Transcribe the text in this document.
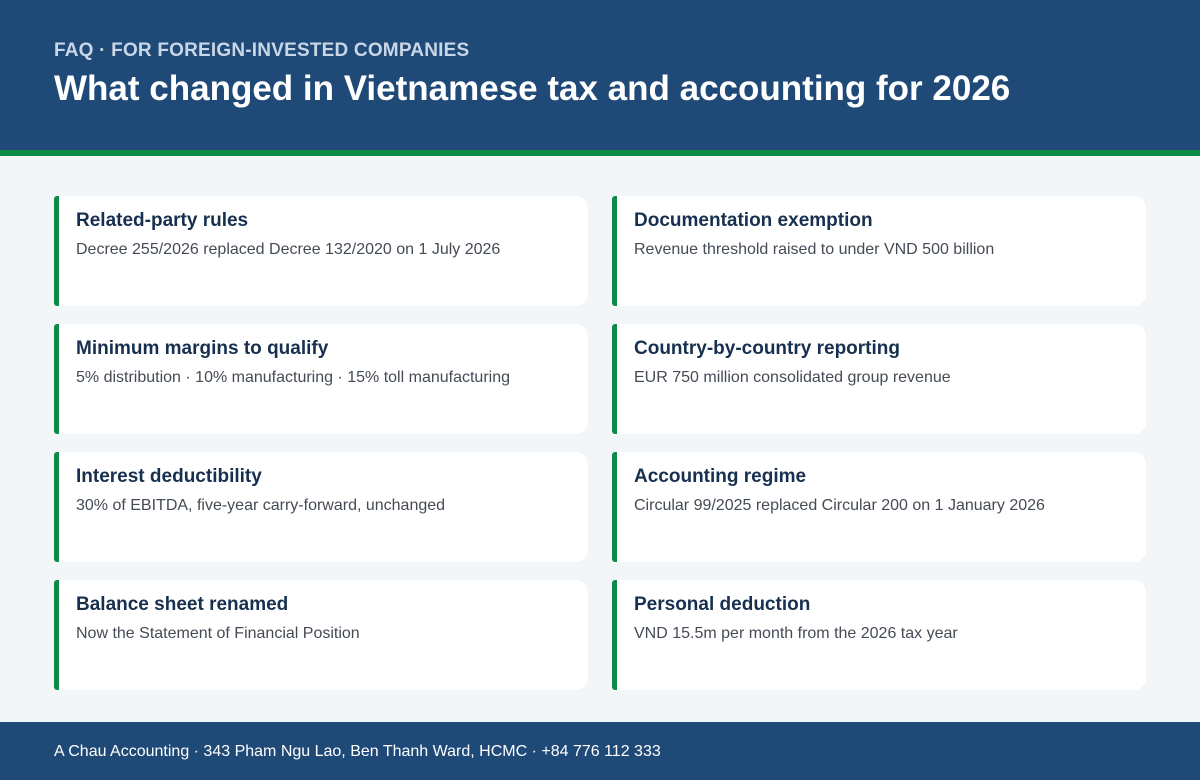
FAQ · FOR FOREIGN-INVESTED COMPANIES
What changed in Vietnamese tax and accounting for 2026
Related-party rules
Decree 255/2026 replaced Decree 132/2020 on 1 July 2026
Documentation exemption
Revenue threshold raised to under VND 500 billion
Minimum margins to qualify
5% distribution · 10% manufacturing · 15% toll manufacturing
Country-by-country reporting
EUR 750 million consolidated group revenue
Interest deductibility
30% of EBITDA, five-year carry-forward, unchanged
Accounting regime
Circular 99/2025 replaced Circular 200 on 1 January 2026
Balance sheet renamed
Now the Statement of Financial Position
Personal deduction
VND 15.5m per month from the 2026 tax year
A Chau Accounting · 343 Pham Ngu Lao, Ben Thanh Ward, HCMC · +84 776 112 333
